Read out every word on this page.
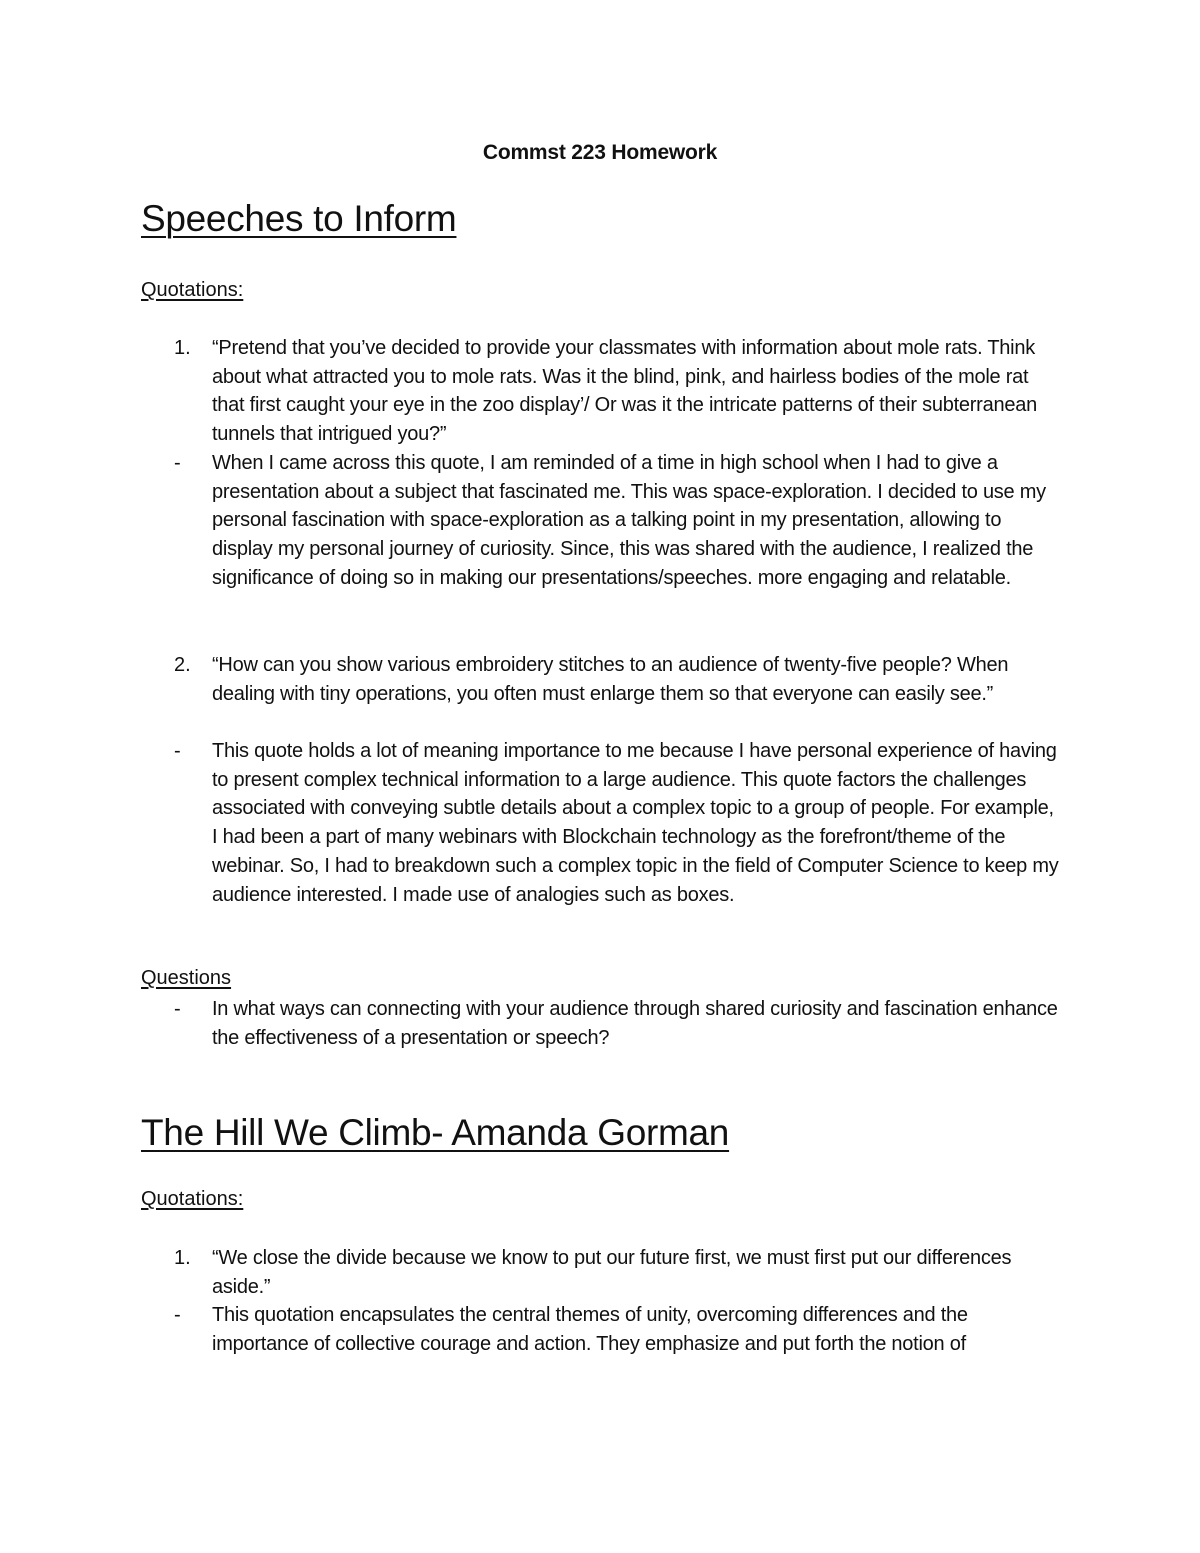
Commst 223 Homework
Speeches to Inform
Quotations:
1.	“Pretend that you’ve decided to provide your classmates with information about mole rats. Think about what attracted you to mole rats. Was it the blind, pink, and hairless bodies of the mole rat that first caught your eye in the zoo display’/ Or was it the intricate patterns of their subterranean tunnels that intrigued you?”
-	When I came across this quote, I am reminded of a time in high school when I had to give a presentation about a subject that fascinated me. This was space-exploration. I decided to use my personal fascination with space-exploration as a talking point in my presentation, allowing to display my personal journey of curiosity. Since, this was shared with the audience, I realized the significance of doing so in making our presentations/speeches. more engaging and relatable.
2.	“How can you show various embroidery stitches to an audience of twenty-five people? When dealing with tiny operations, you often must enlarge them so that everyone can easily see.”
-	This quote holds a lot of meaning importance to me because I have personal experience of having to present complex technical information to a large audience. This quote factors the challenges associated with conveying subtle details about a complex topic to a group of people. For example, I had been a part of many webinars with Blockchain technology as the forefront/theme of the webinar. So, I had to breakdown such a complex topic in the field of Computer Science to keep my audience interested. I made use of analogies such as boxes.
Questions
-	In what ways can connecting with your audience through shared curiosity and fascination enhance the effectiveness of a presentation or speech?
The Hill We Climb- Amanda Gorman
Quotations:
1.	“We close the divide because we know to put our future first, we must first put our differences aside.”
-	This quotation encapsulates the central themes of unity, overcoming differences and the importance of collective courage and action. They emphasize and put forth the notion of
